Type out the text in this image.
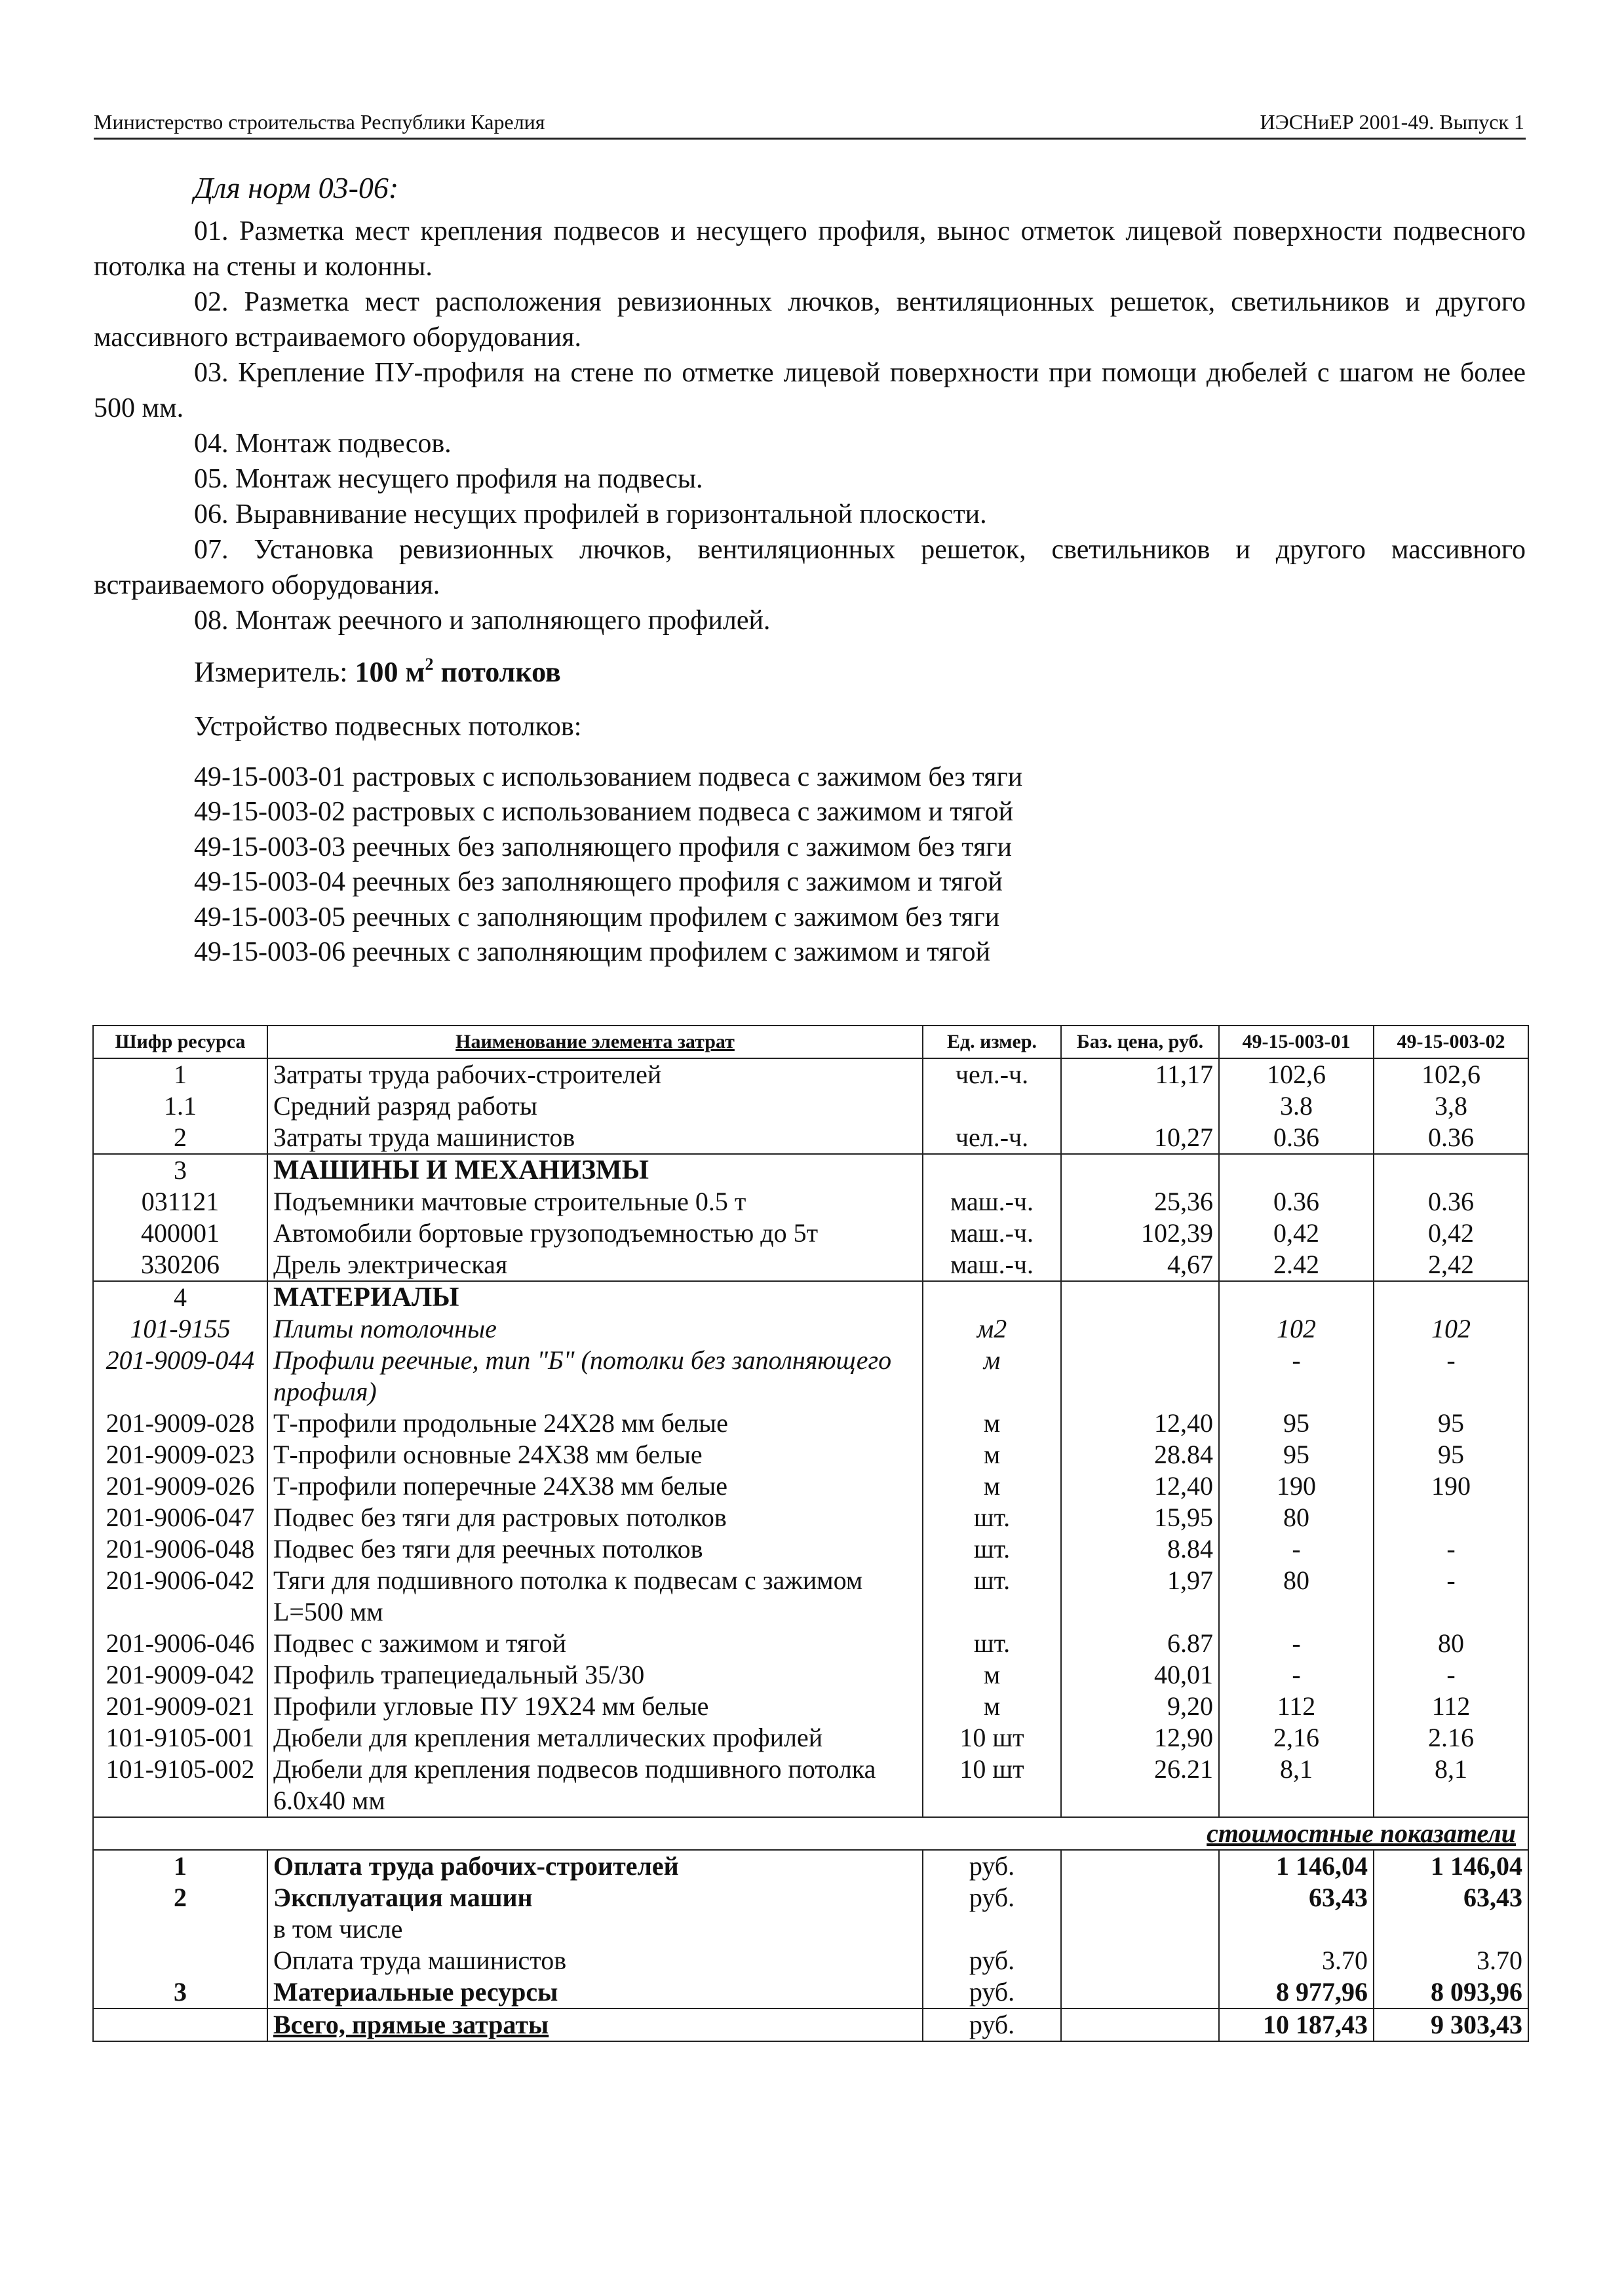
Министерство строительства Республики Карелия	ИЭСНиЕР 2001-49. Выпуск 1
Для норм 03-06:

01. Разметка мест крепления подвесов и несущего профиля, вынос отметок лицевой поверхности подвесного потолка на стены и колонны.

02. Разметка мест расположения ревизионных лючков, вентиляционных решеток, светильников и другого массивного встраиваемого оборудования.

03. Крепление ПУ-профиля на стене по отметке лицевой поверхности при помощи дюбелей с шагом не более 500 мм.

04. Монтаж подвесов.

05. Монтаж несущего профиля на подвесы.

06. Выравнивание несущих профилей в горизонтальной плоскости.

07. Установка ревизионных лючков, вентиляционных решеток, светильников и другого массивного встраиваемого оборудования.

08. Монтаж реечного и заполняющего профилей.

Измеритель: 100 $м^2$ потолков
Устройство подвесных потолков:
49-15-003-01 растровых с использованием подвеса с зажимом без тяги
49-15-003-02 растровых с использованием подвеса с зажимом и тягой
49-15-003-03 реечных без заполняющего профиля с зажимом без тяги
49-15-003-04 реечных без заполняющего профиля с зажимом и тягой
49-15-003-05 реечных с заполняющим профилем с зажимом без тяги
49-15-003-06 реечных с заполняющим профилем с зажимом и тягой
Шифр ресурса	Наименование элемента затрат	Ед. измер.	Баз. цена, руб.	49-15-003-01	49-15-003-02
1	Затраты труда рабочих-строителей	чел.-ч.	11,17	102,6	102,6
1.1	Средний разряд работы			3.8	3,8
2	Затраты труда машинистов	чел.-ч.	10,27	0.36	0.36
3	МАШИНЫ И МЕХАНИЗМЫ				
031121	Подъемники мачтовые строительные 0.5 т	маш.-ч.	25,36	0.36	0.36
400001	Автомобили бортовые грузоподъемностью до 5т	маш.-ч.	102,39	0,42	0,42
330206	Дрель электрическая	маш.-ч.	4,67	2.42	2,42
4	МАТЕРИАЛЫ				
101-9155	Плиты потолочные	м2		102	102
201-9009-044	Профили реечные, тип "Б" (потолки без заполняющего профиля)	м		-	-
201-9009-028	Т-профили продольные 24Х28 мм белые	м	12,40	95	95
201-9009-023	Т-профили основные 24Х38 мм белые	м	28.84	95	95
201-9009-026	Т-профили поперечные 24Х38 мм белые	м	12,40	190	190
201-9006-047	Подвес без тяги для растровых потолков	шт.	15,95	80	
201-9006-048	Подвес без тяги для реечных потолков	шт.	8.84	-	-
201-9006-042	Тяги для подшивного потолка к подвесам с зажимом L=500 мм	шт.	1,97	80	-
201-9006-046	Подвес с зажимом и тягой	шт.	6.87	-	80
201-9009-042	Профиль трапециедальный 35/30	м	40,01	-	-
201-9009-021	Профили угловые ПУ 19Х24 мм белые	м	9,20	112	112
101-9105-001	Дюбели для крепления металлических профилей	10 шт	12,90	2,16	2.16
101-9105-002	Дюбели для крепления подвесов подшивного потолка 6.0х40 мм	10 шт	26.21	8,1	8,1
стоимостные показатели					
1	Оплата труда рабочих-строителей	руб.		1 146,04	1 146,04
2	Эксплуатация машин	руб.		63,43	63,43
	в том числе				
	Оплата труда машинистов	руб.		3.70	3.70
3	Материальные ресурсы	руб.		8 977,96	8 093,96
	Всего, прямые затраты	руб.		10 187,43	9 303,43
